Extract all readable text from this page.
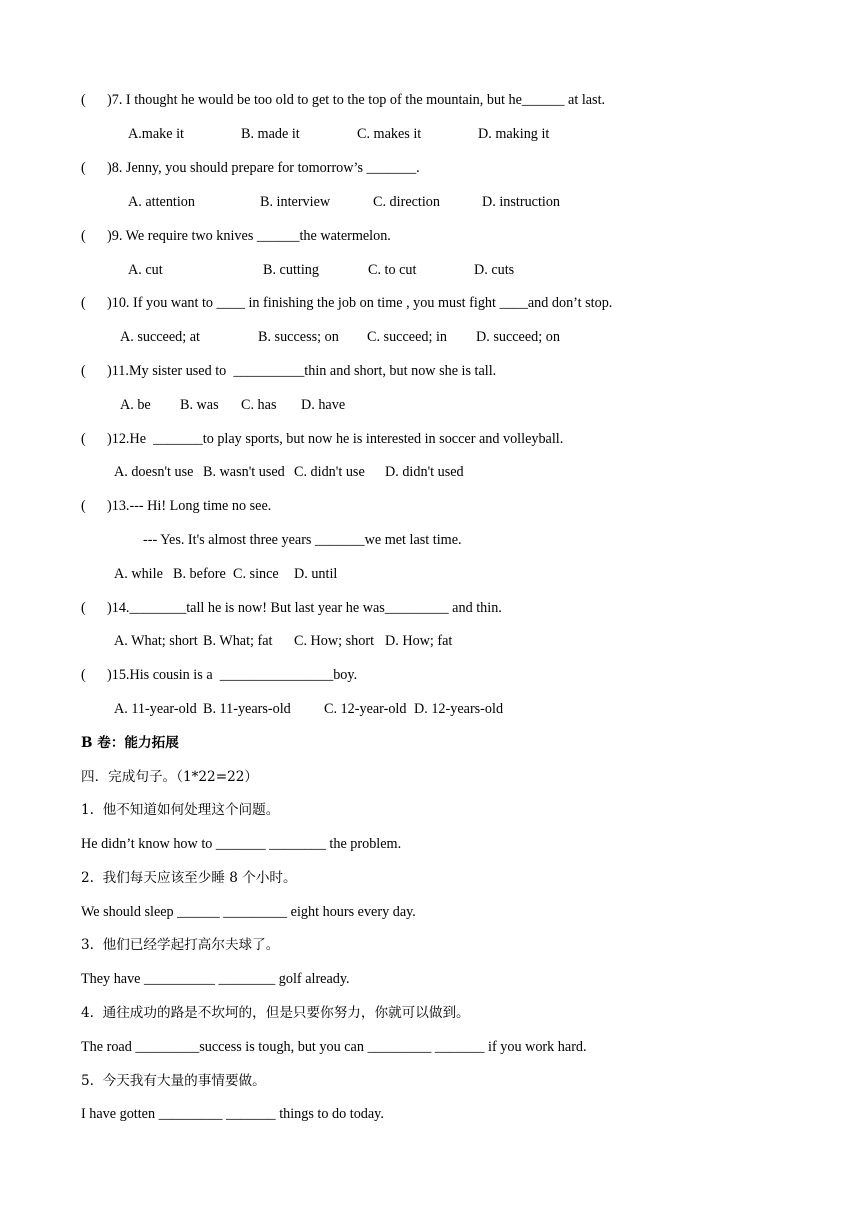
(      )7. I thought he would be too old to get to the top of the mountain, but he______ at last.
A.make it	B. made it	C. makes it	D. making it
(      )8. Jenny, you should prepare for tomorrow’s _______.
A. attention	B. interview	C. direction	D. instruction
(      )9. We require two knives ______the watermelon.
A. cut	B. cutting	C. to cut	D. cuts
(      )10. If you want to ____ in finishing the job on time , you must fight ____and don’t stop.
A. succeed; at	B. success; on C. succeed; in D. succeed; on
(      )11.My sister used to  __________thin and short, but now she is tall.
A. be B. was C. has D. have
(      )12.He  _______to play sports, but now he is interested in soccer and volleyball.
A. doesn't use B. wasn't used C. didn't use D. didn't used
(      )13.--- Hi! Long time no see.
--- Yes. It's almost three years _______we met last time.
A. while B. before C. since D. until
(      )14.________tall he is now! But last year he was_________ and thin.
A. What; short B. What; fat C. How; short D. How; fat
(      )15.His cousin is a  ________________boy.
A. 11-year-old B. 11-years-old C. 12-year-old D. 12-years-old
B 卷：能力拓展
四．完成句子。（1*22=22）
1.  他不知道如何处理这个问题。
He didn’t know how to _______ ________ the problem.
2.  我们每天应该至少睡 8 个小时。
We should sleep ______ _________ eight hours every day.
3.  他们已经学起打高尔夫球了。
They have __________ ________ golf already.
4.  通往成功的路是不坎坷的，但是只要你努力，你就可以做到。
The road _________success is tough, but you can _________ _______ if you work hard.
5.  今天我有大量的事情要做。
I have gotten _________ _______ things to do today.
